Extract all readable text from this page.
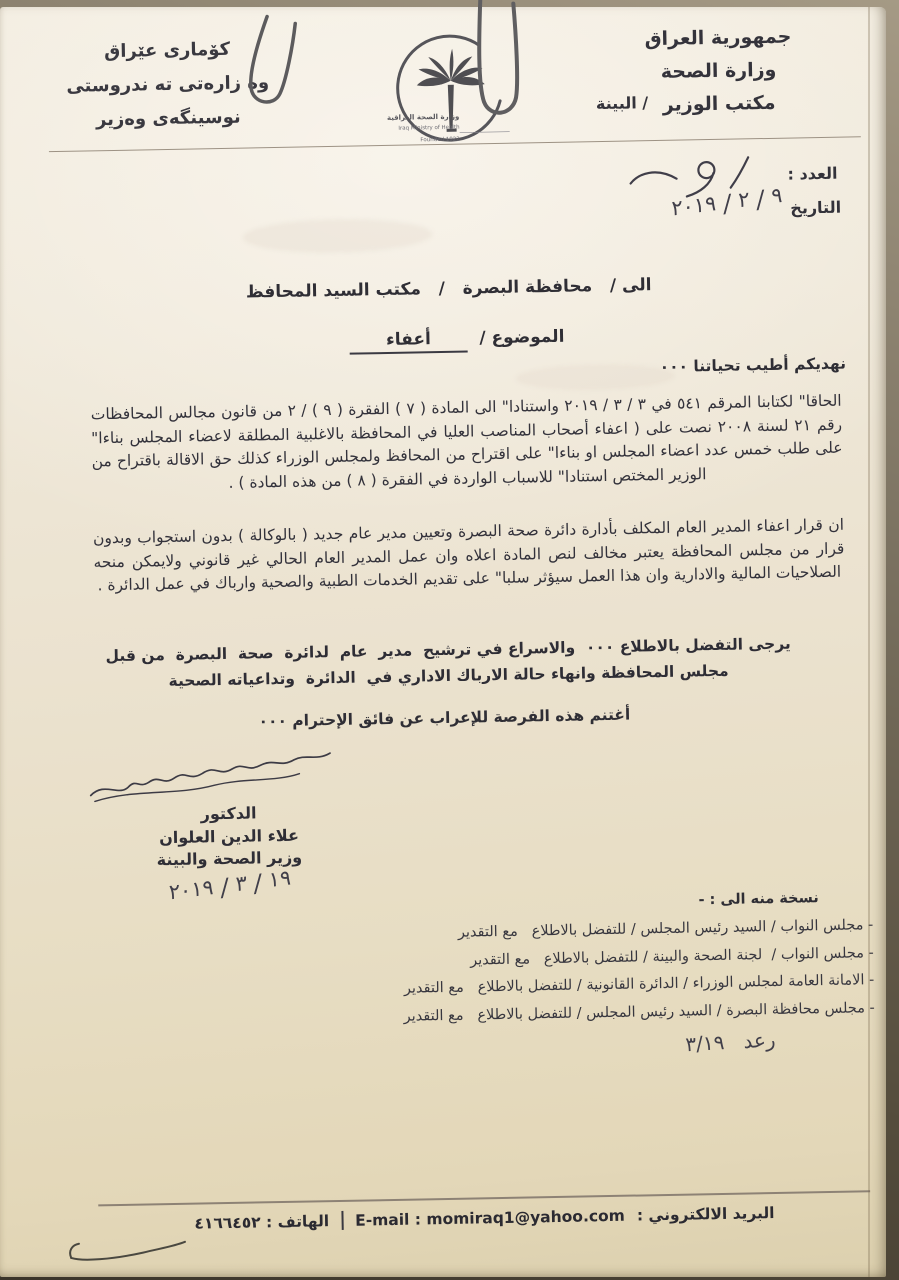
كۆمارى عێراق
وه زارەتى ته ندروستى
نوسينگەى وەزير
جمهورية العراق
وزارة الصحة
مكتب الوزير
/ البينة
وزارة الصحة العراقية
Iraq Ministry of Health
Founded 1922
العدد :
التاريخ
٩
/
٢
/
٢٠١٩
الى /   محافظة البصرة   /   مكتب السيد المحافظ
الموضوع / أعفاء
نهديكم أطيب تحياتنا ٠٠٠
الحاقا" لكتابنا المرقم ٥٤١ في ٣ / ٣ / ٢٠١٩ واستنادا" الى المادة ( ٧ ) الفقرة ( ٩ ) / ٢ من قانون مجالس المحافظات رقم ٢١ لسنة ٢٠٠٨ نصت على ( اعفاء أصحاب المناصب العليا في المحافظة بالاغلبية المطلقة لاعضاء المجلس بناءا" على طلب خمس عدد اعضاء المجلس او بناءا" على اقتراح من المحافظ ولمجلس الوزراء كذلك حق الاقالة باقتراح من الوزير المختص استنادا" للاسباب الواردة في الفقرة ( ٨ ) من هذه المادة ) .
ان قرار اعفاء المدير العام المكلف بأدارة دائرة صحة البصرة وتعيين مدير عام جديد ( بالوكالة ) بدون استجواب وبدون قرار من مجلس المحافظة يعتبر مخالف لنص المادة اعلاه وان عمل المدير العام الحالي غير قانوني ولايمكن منحه الصلاحيات المالية والادارية وان هذا العمل سيؤثر سلبا" على تقديم الخدمات الطبية والصحية وارباك في عمل الدائرة .
يرجى التفضل بالاطلاع ٠٠٠  والاسراع في ترشيح  مدير  عام  لدائرة  صحة  البصرة  من قبل مجلس المحافظة وانهاء حالة الارباك الاداري في  الدائرة  وتداعياته الصحية
أغتنم هذه الفرصة للإعراب عن فائق الإحترام ٠٠٠
الدكتور
علاء الدين العلوان
وزير الصحة والبينة
١٩
/
٣
/
٢٠١٩	نسخة منه الى : -
- مجلس النواب / السيد رئيس المجلس / للتفضل بالاطلاع   مع التقدير
- مجلس النواب /  لجنة الصحة والبينة / للتفضل بالاطلاع   مع التقدير
- الامانة العامة لمجلس الوزراء / الدائرة القانونية / للتفضل بالاطلاع   مع التقدير
- مجلس محافظة البصرة / السيد رئيس المجلس / للتفضل بالاطلاع   مع التقدير
رعد   ٣/١٩
البريد الالكتروني :
E-mail : momiraq1@yahoo.com
الهاتف : ٤١٦٦٤٥٢
